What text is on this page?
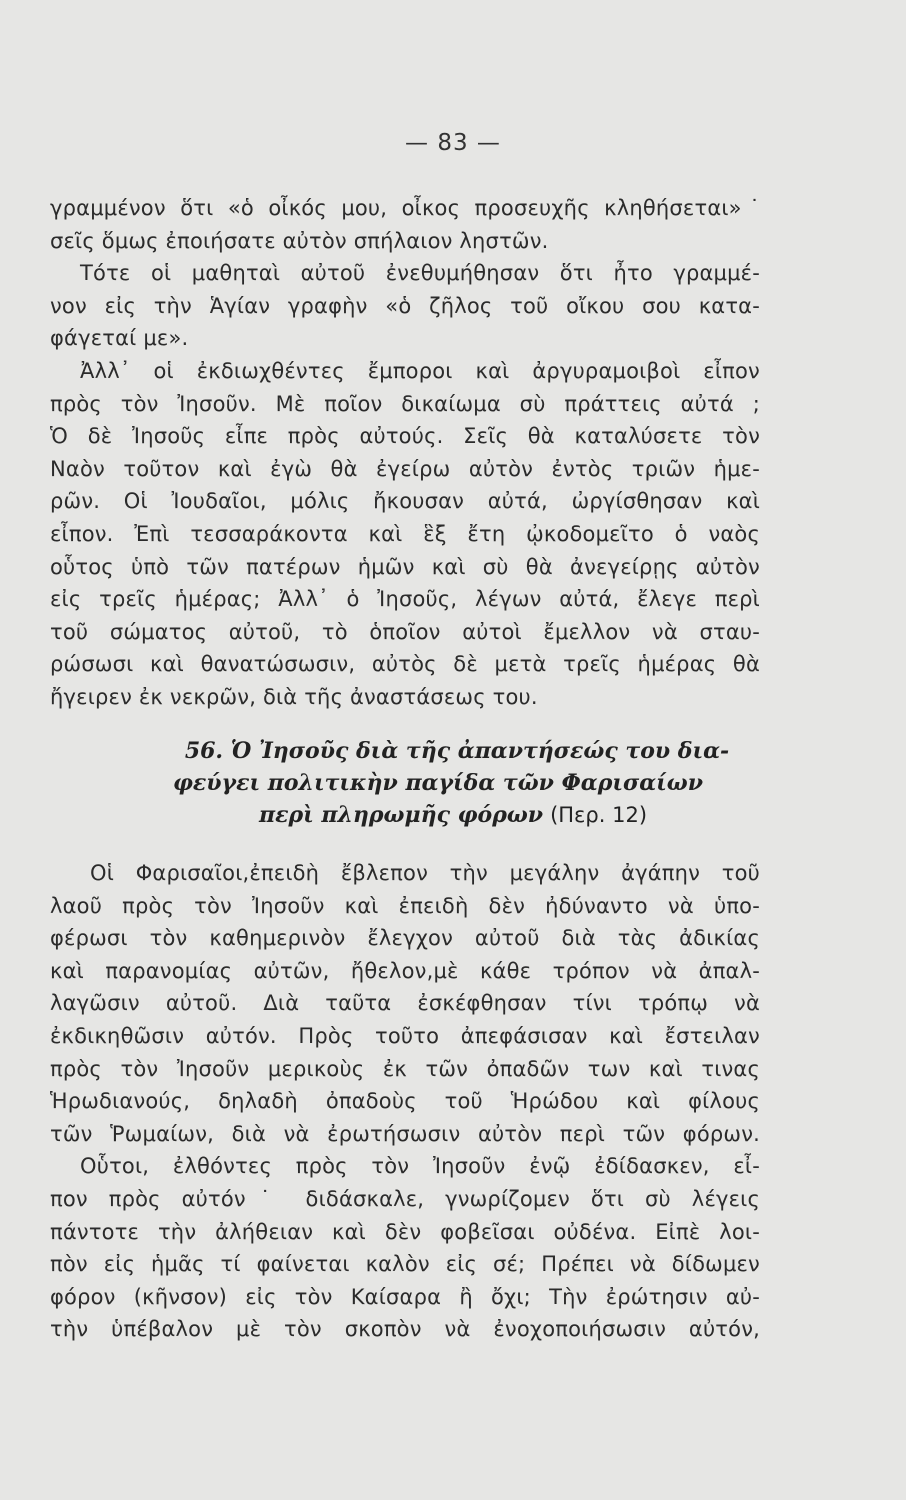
— 83 —
γραμμένον ὅτι «ὁ οἶκός μου, οἶκος προσευχῆς κληθήσεται»˙
σεῖς ὅμως ἐποιήσατε αὐτὸν σπήλαιον ληστῶν.
Τότε οἱ μαθηταὶ αὐτοῦ ἐνεθυμήθησαν ὅτι ἦτο γραμμέ-
νον εἰς τὴν Ἁγίαν γραφὴν «ὁ ζῆλος τοῦ οἴκου σου κατα-
φάγεταί με».
Ἀλλ᾽ οἱ ἐκδιωχθέντες ἔμποροι καὶ ἀργυραμοιβοὶ εἶπον
πρὸς τὸν Ἰησοῦν. Μὲ ποῖον δικαίωμα σὺ πράττεις αὐτά ;
Ὁ δὲ Ἰησοῦς εἶπε πρὸς αὐτούς. Σεῖς θὰ καταλύσετε τὸν
Ναὸν τοῦτον καὶ ἐγὼ θὰ ἐγείρω αὐτὸν ἐντὸς τριῶν ἡμε-
ρῶν. Οἱ Ἰουδαῖοι, μόλις ἤκουσαν αὐτά, ὠργίσθησαν καὶ
εἶπον. Ἐπὶ τεσσαράκοντα καὶ ἓξ ἔτη ᾠκοδομεῖτο ὁ ναὸς
οὗτος ὑπὸ τῶν πατέρων ἡμῶν καὶ σὺ θὰ ἀνεγείρῃς αὐτὸν
εἰς τρεῖς ἡμέρας; Ἀλλ᾽ ὁ Ἰησοῦς, λέγων αὐτά, ἔλεγε περὶ
τοῦ σώματος αὐτοῦ, τὸ ὁποῖον αὐτοὶ ἔμελλον νὰ σταυ-
ρώσωσι καὶ θανατώσωσιν, αὐτὸς δὲ μετὰ τρεῖς ἡμέρας θὰ
ἤγειρεν ἐκ νεκρῶν, διὰ τῆς ἀναστάσεως του.
56. Ὁ Ἰησοῦς διὰ τῆς ἀπαντήσεώς του δια-
φεύγει πολιτικὴν παγίδα τῶν Φαρισαίων
περὶ πληρωμῆς φόρων (Περ. 12)
Οἱ Φαρισαῖοι,ἐπειδὴ ἔβλεπον τὴν μεγάλην ἀγάπην τοῦ
λαοῦ πρὸς τὸν Ἰησοῦν καὶ ἐπειδὴ δὲν ἠδύναντο νὰ ὑπο-
φέρωσι τὸν καθημερινὸν ἔλεγχον αὐτοῦ διὰ τὰς ἀδικίας
καὶ παρανομίας αὐτῶν, ἤθελον,μὲ κάθε τρόπον νὰ ἀπαλ-
λαγῶσιν αὐτοῦ. Διὰ ταῦτα ἐσκέφθησαν τίνι τρόπῳ νὰ
ἐκδικηθῶσιν αὐτόν. Πρὸς τοῦτο ἀπεφάσισαν καὶ ἔστειλαν
πρὸς τὸν Ἰησοῦν μερικοὺς ἐκ τῶν ὀπαδῶν των καὶ τινας
Ἡρωδιανούς, δηλαδὴ ὀπαδοὺς τοῦ Ἡρώδου καὶ φίλους
τῶν Ῥωμαίων, διὰ νὰ ἐρωτήσωσιν αὐτὸν περὶ τῶν φόρων.
Οὗτοι, ἐλθόντες πρὸς τὸν Ἰησοῦν ἐνῷ ἐδίδασκεν, εἶ-
πον πρὸς αὐτόν˙ διδάσκαλε, γνωρίζομεν ὅτι σὺ λέγεις
πάντοτε τὴν ἀλήθειαν καὶ δὲν φοβεῖσαι οὐδένα. Εἰπὲ λοι-
πὸν εἰς ἡμᾶς τί φαίνεται καλὸν εἰς σέ; Πρέπει νὰ δίδωμεν
φόρον (κῆνσον) εἰς τὸν Καίσαρα ἢ ὄχι; Τὴν ἐρώτησιν αὐ-
τὴν ὑπέβαλον μὲ τὸν σκοπὸν νὰ ἐνοχοποιήσωσιν αὐτόν,
